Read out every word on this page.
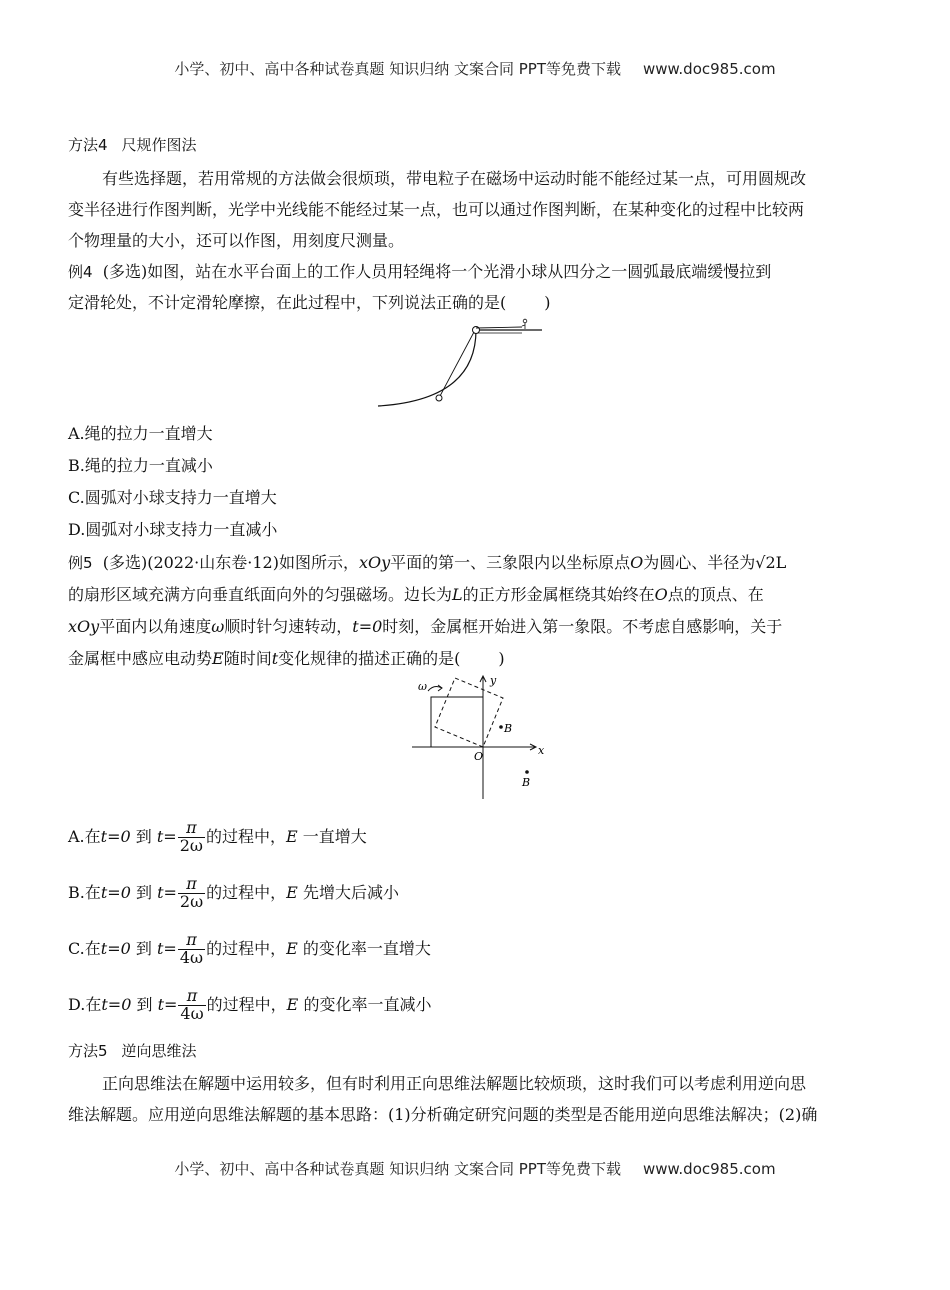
小学、初中、高中各种试卷真题 知识归纳 文案合同 PPT等免费下载 www.doc985.com
方法4 尺规作图法
有些选择题，若用常规的方法做会很烦琐，带电粒子在磁场中运动时能不能经过某一点，可用圆规改
变半径进行作图判断，光学中光线能不能经过某一点，也可以通过作图判断，在某种变化的过程中比较两
个物理量的大小，还可以作图，用刻度尺测量。
例4 (多选)如图，站在水平台面上的工作人员用轻绳将一个光滑小球从四分之一圆弧最底端缓慢拉到
定滑轮处，不计定滑轮摩擦，在此过程中，下列说法正确的是( )
A.绳的拉力一直增大
B.绳的拉力一直减小
C.圆弧对小球支持力一直增大
D.圆弧对小球支持力一直减小
例5 (多选)(2022·山东卷·12)如图所示，xOy平面的第一、三象限内以坐标原点O为圆心、半径为√2L
的扇形区域充满方向垂直纸面向外的匀强磁场。边长为L的正方形金属框绕其始终在O点的顶点、在
xOy平面内以角速度ω顺时针匀速转动，t=0时刻，金属框开始进入第一象限。不考虑自感影响，关于
金属框中感应电动势E随时间t变化规律的描述正确的是( )
ω	y
x
O
B
B
A.在t=0 到 $t= \frac{\pi}{2\omega}$ 的过程中，E 一直增大
B.在t=0 到 $t= \frac{\pi}{2\omega}$ 的过程中，E 先增大后减小
C.在t=0 到 $t= \frac{\pi}{4\omega}$ 的过程中，E 的变化率一直增大
D.在t=0 到 $t= \frac{\pi}{4\omega}$ 的过程中，E 的变化率一直减小
方法5 逆向思维法
正向思维法在解题中运用较多，但有时利用正向思维法解题比较烦琐，这时我们可以考虑利用逆向思
维法解题。应用逆向思维法解题的基本思路：(1)分析确定研究问题的类型是否能用逆向思维法解决；(2)确
小学、初中、高中各种试卷真题 知识归纳 文案合同 PPT等免费下载 www.doc985.com
